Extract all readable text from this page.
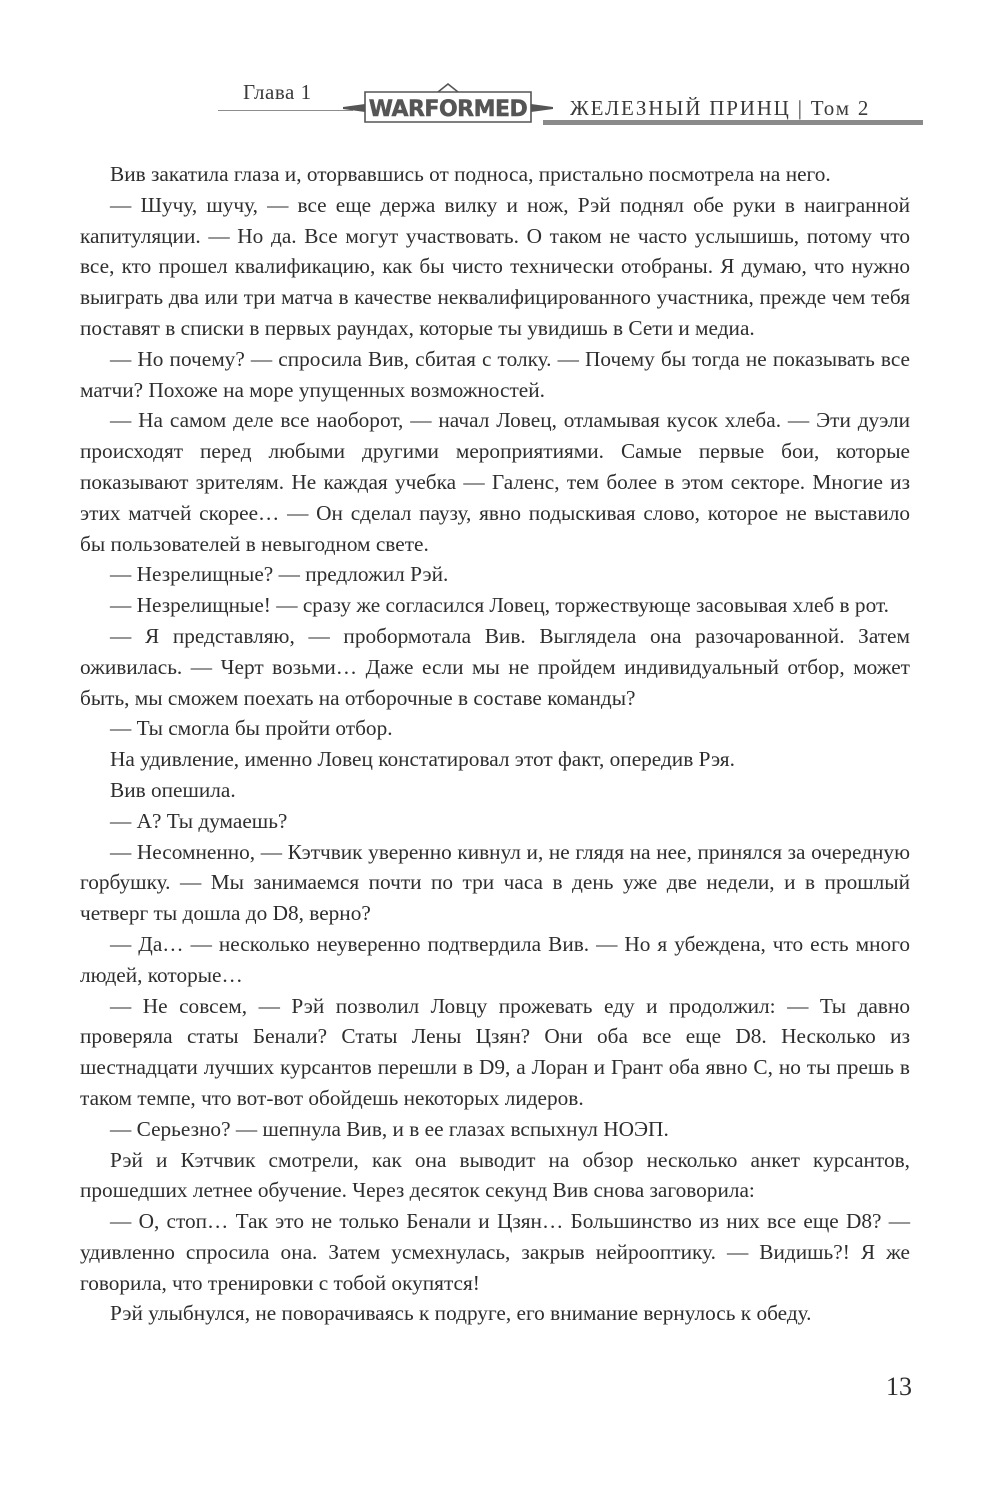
Глава 1
WARFORMED ЖЕЛЕЗНЫЙ ПРИНЦ | Том 2

Вив закатила глаза и, оторвавшись от подноса, пристально посмотрела на него.

— Шучу, шучу, — все еще держа вилку и нож, Рэй поднял обе руки в наигранной капитуляции. — Но да. Все могут участвовать. О таком не часто услышишь, потому что все, кто прошел квалификацию, как бы чисто технически отобраны. Я думаю, что нужно выиграть два или три матча в качестве неквалифицированного участника, прежде чем тебя поставят в списки в первых раундах, которые ты увидишь в Сети и медиа.

— Но почему? — спросила Вив, сбитая с толку. — Почему бы тогда не показывать все матчи? Похоже на море упущенных возможностей.

— На самом деле все наоборот, — начал Ловец, отламывая кусок хлеба. — Эти дуэли происходят перед любыми другими мероприятиями. Самые первые бои, которые показывают зрителям. Не каждая учебка — Галенс, тем более в этом секторе. Многие из этих матчей скорее… — Он сделал паузу, явно подыскивая слово, которое не выставило бы пользователей в невыгодном свете.

— Незрелищные? — предложил Рэй.

— Незрелищные! — сразу же согласился Ловец, торжествующе засовывая хлеб в рот.

— Я представляю, — пробормотала Вив. Выглядела она разочарованной. Затем оживилась. — Черт возьми… Даже если мы не пройдем индивидуальный отбор, может быть, мы сможем поехать на отборочные в составе команды?

— Ты смогла бы пройти отбор.

На удивление, именно Ловец констатировал этот факт, опередив Рэя.

Вив опешила.

— А? Ты думаешь?

— Несомненно, — Кэтчвик уверенно кивнул и, не глядя на нее, принялся за очередную горбушку. — Мы занимаемся почти по три часа в день уже две недели, и в прошлый четверг ты дошла до D8, верно?

— Да… — несколько неуверенно подтвердила Вив. — Но я убеждена, что есть много людей, которые…

— Не совсем, — Рэй позволил Ловцу прожевать еду и продолжил: — Ты давно проверяла статы Бенали? Статы Лены Цзян? Они оба все еще D8. Несколько из шестнадцати лучших курсантов перешли в D9, а Лоран и Грант оба явно С, но ты прешь в таком темпе, что вот-вот обойдешь некоторых лидеров.

— Серьезно? — шепнула Вив, и в ее глазах вспыхнул НОЭП.

Рэй и Кэтчвик смотрели, как она выводит на обзор несколько анкет курсантов, прошедших летнее обучение. Через десяток секунд Вив снова заговорила:

— О, стоп… Так это не только Бенали и Цзян… Большинство из них все еще D8? — удивленно спросила она. Затем усмехнулась, закрыв нейрооптику. — Видишь?! Я же говорила, что тренировки с тобой окупятся!

Рэй улыбнулся, не поворачиваясь к подруге, его внимание вернулось к обеду.

13
